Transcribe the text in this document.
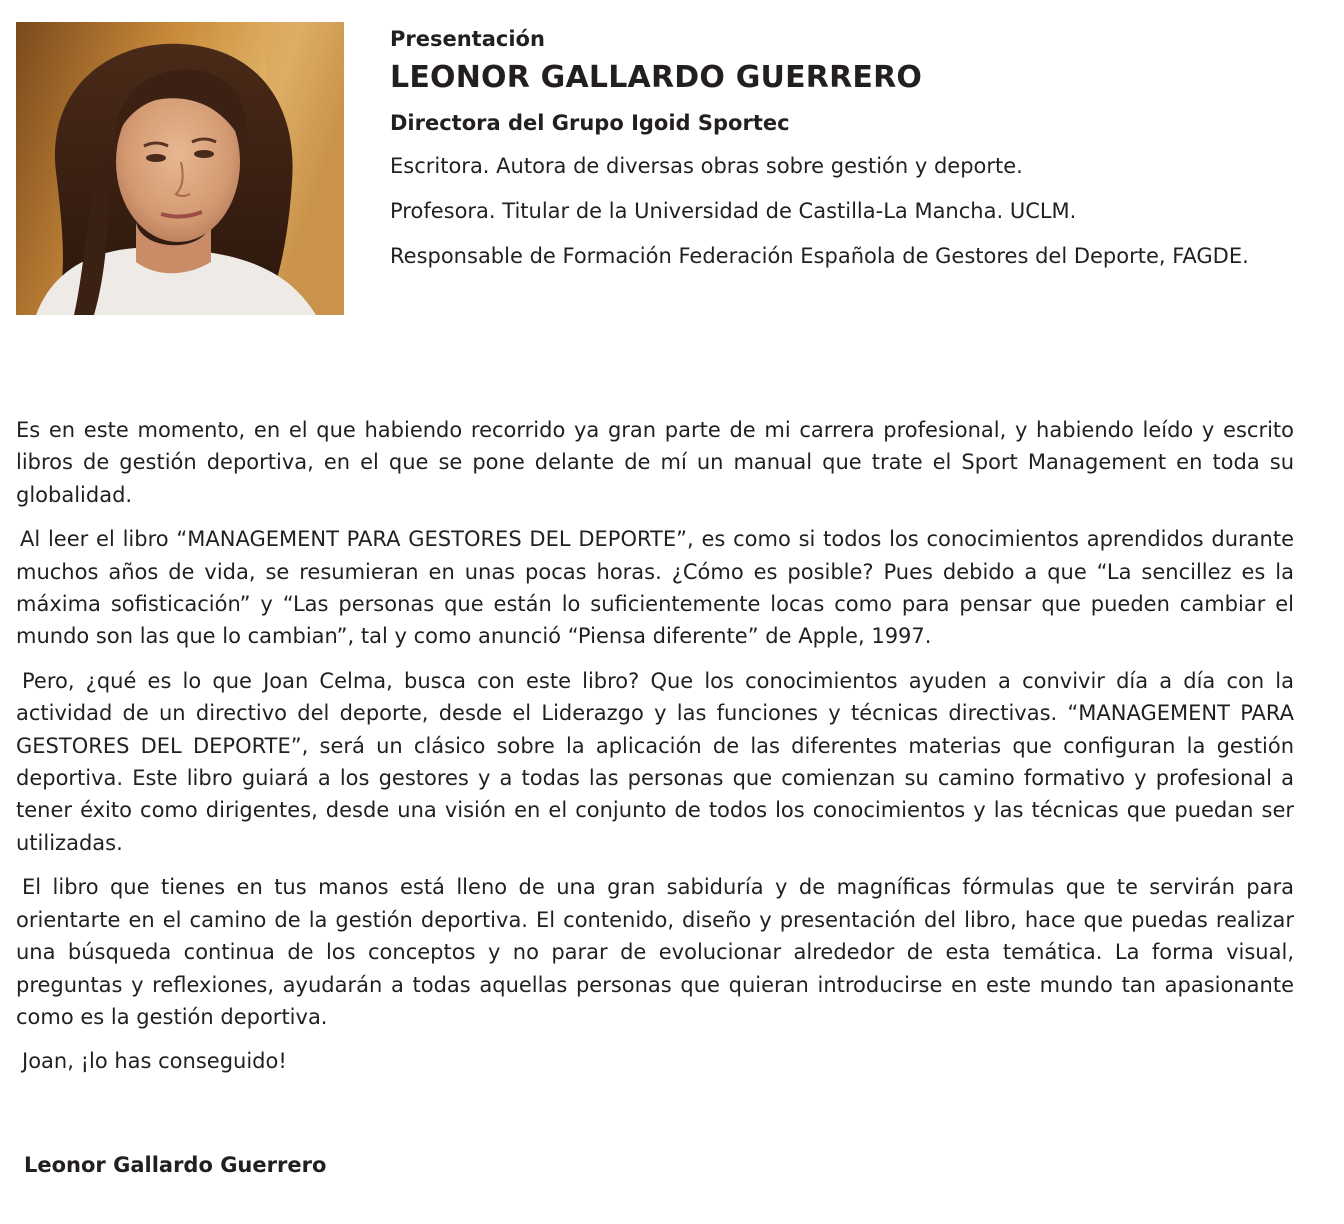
Presentación

LEONOR GALLARDO GUERRERO

Directora del Grupo Igoid Sportec

Escritora. Autora de diversas obras sobre gestión y deporte.

Profesora. Titular de la Universidad de Castilla-La Mancha. UCLM.

Responsable de Formación Federación Española de Gestores del Deporte, FAGDE.

Es en este momento, en el que habiendo recorrido ya gran parte de mi carrera profesional, y habiendo leído y escrito libros de gestión deportiva, en el que se pone delante de mí un manual que trate el Sport Management en toda su globalidad.

Al leer el libro “MANAGEMENT PARA GESTORES DEL DEPORTE”, es como si todos los conocimientos aprendidos durante muchos años de vida, se resumieran en unas pocas horas. ¿Cómo es posible? Pues debido a que “La sencillez es la máxima sofisticación” y “Las personas que están lo suficientemente locas como para pensar que pueden cambiar el mundo son las que lo cambian”, tal y como anunció “Piensa diferente” de Apple, 1997.

Pero, ¿qué es lo que Joan Celma, busca con este libro? Que los conocimientos ayuden a convivir día a día con la actividad de un directivo del deporte, desde el Liderazgo y las funciones y técnicas directivas. “MANAGEMENT PARA GESTORES DEL DEPORTE”, será un clásico sobre la aplicación de las diferentes materias que configuran la gestión deportiva. Este libro guiará a los gestores y a todas las personas que comienzan su camino formativo y profesional a tener éxito como dirigentes, desde una visión en el conjunto de todos los conocimientos y las técnicas que puedan ser utilizadas.

El libro que tienes en tus manos está lleno de una gran sabiduría y de magníficas fórmulas que te servirán para orientarte en el camino de la gestión deportiva. El contenido, diseño y presentación del libro, hace que puedas realizar una búsqueda continua de los conceptos y no parar de evolucionar alrededor de esta temática. La forma visual, preguntas y reflexiones, ayudarán a todas aquellas personas que quieran introducirse en este mundo tan apasionante como es la gestión deportiva.

Joan, ¡lo has conseguido!

Leonor Gallardo Guerrero
